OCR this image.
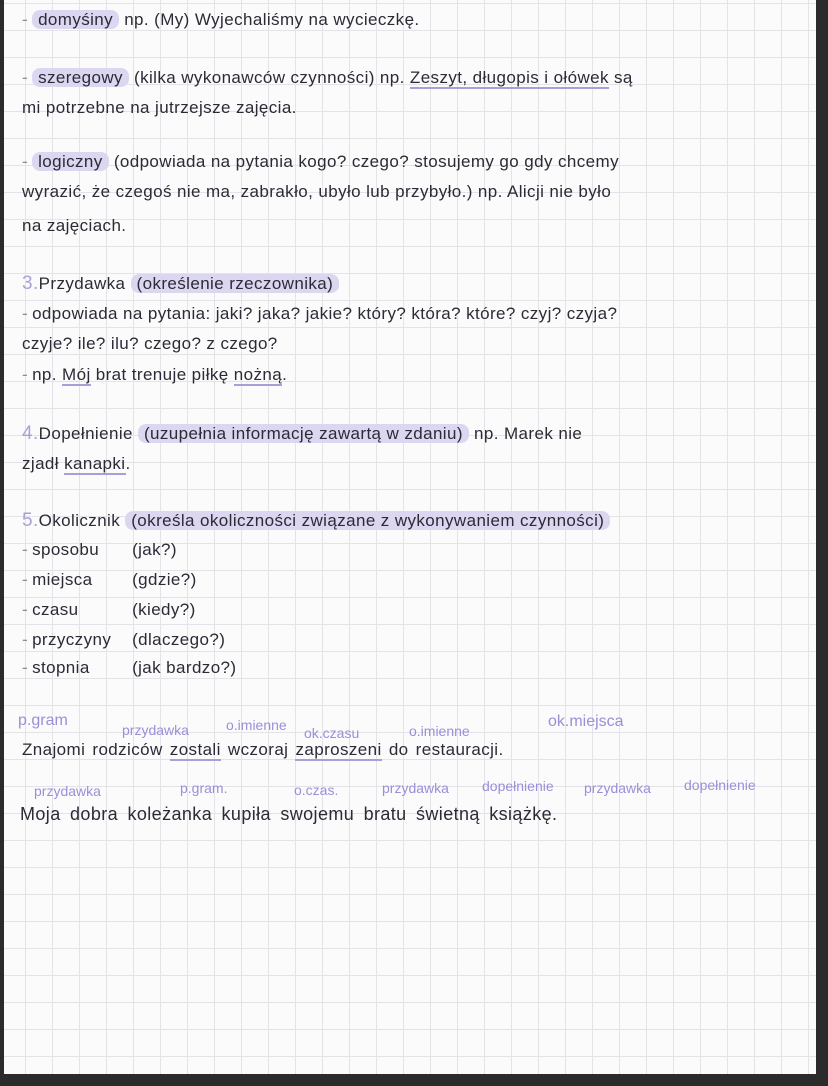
- domyśiny np. (My) Wyjechaliśmy na wycieczkę.
- szeregowy (kilka wykonawców czynności) np. Zeszyt, długopis i ołówek są
mi potrzebne na jutrzejsze zajęcia.
- logiczny (odpowiada na pytania kogo? czego? stosujemy go gdy chcemy
wyrazić, że czegoś nie ma, zabrakło, ubyło lub przybyło.) np. Alicji nie było
na zajęciach.
3.Przydawka (określenie rzeczownika)
- odpowiada na pytania: jaki? jaka? jakie? który? która? które? czyj? czyja?
czyje? ile? ilu? czego? z czego?
- np. Mój brat trenuje piłkę nożną.
4.Dopełnienie (uzupełnia informację zawartą w zdaniu) np. Marek nie
zjadł kanapki.
5.Okolicznik (określa okoliczności związane z wykonywaniem czynności)
- sposobu (jak?)
- miejsca (gdzie?)
- czasu	(kiedy?)
- przyczyny (dlaczego?)
- stopnia (jak bardzo?)
p.gram
przydawka	o.imienne ok.czasu	o.imienne
ok.miejsca
Znajomi rodziców zostali wczoraj zaproszeni do restauracji.
przydawka	p.gram.	o.czas.	przydawka dopełnienie przydawka dopełnienie
Moja dobra koleżanka kupiła swojemu bratu świetną książkę.
